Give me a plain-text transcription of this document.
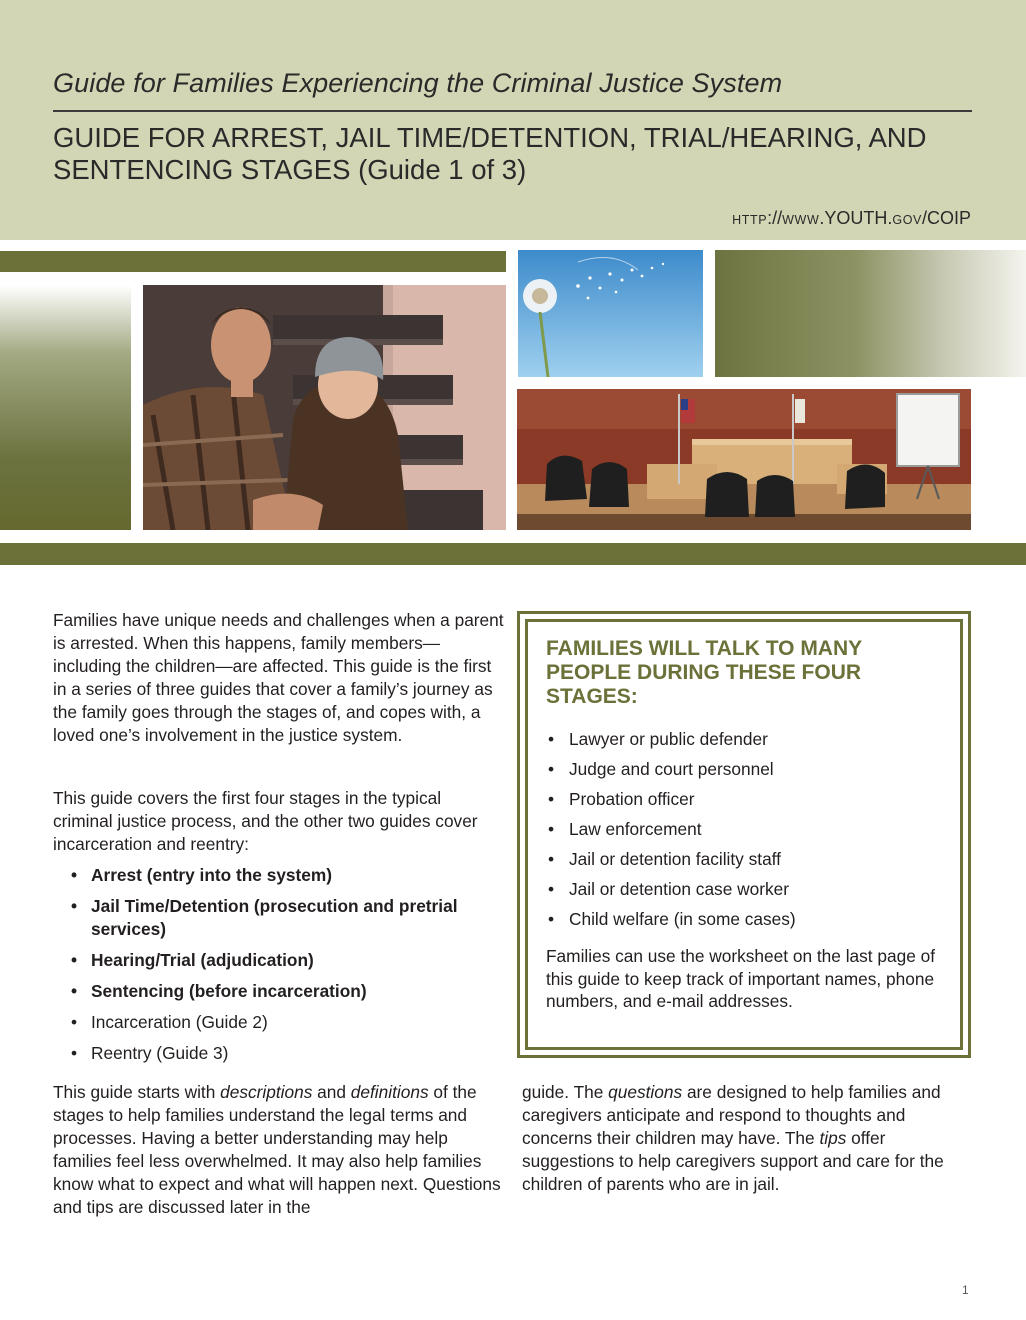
Guide for Families Experiencing the Criminal Justice System
GUIDE FOR ARREST, JAIL TIME/DETENTION, TRIAL/HEARING, AND SENTENCING STAGES (Guide 1 of 3)
HTTP://WWW.YOUTH.GOV/COIP

Families have unique needs and challenges when a parent is arrested. When this happens, family members—including the children—are affected. This guide is the first in a series of three guides that cover a family’s journey as the family goes through the stages of, and copes with, a loved one’s involvement in the justice system.

This guide covers the first four stages in the typical criminal justice process, and the other two guides cover incarceration and reentry:

• Arrest (entry into the system)
• Jail Time/Detention (prosecution and pretrial services)
• Hearing/Trial (adjudication)
• Sentencing (before incarceration)
• Incarceration (Guide 2)
• Reentry (Guide 3)

This guide starts with descriptions and definitions of the stages to help families understand the legal terms and processes. Having a better understanding may help families feel less overwhelmed. It may also help families know what to expect and what will happen next. Questions and tips are discussed later in the

guide. The questions are designed to help families and caregivers anticipate and respond to thoughts and concerns their children may have. The tips offer suggestions to help caregivers support and care for the children of parents who are in jail.

FAMILIES WILL TALK TO MANY PEOPLE DURING THESE FOUR STAGES:
• Lawyer or public defender
• Judge and court personnel
• Probation officer
• Law enforcement
• Jail or detention facility staff
• Jail or detention case worker
• Child welfare (in some cases)

Families can use the worksheet on the last page of this guide to keep track of important names, phone numbers, and e-mail addresses.

1
